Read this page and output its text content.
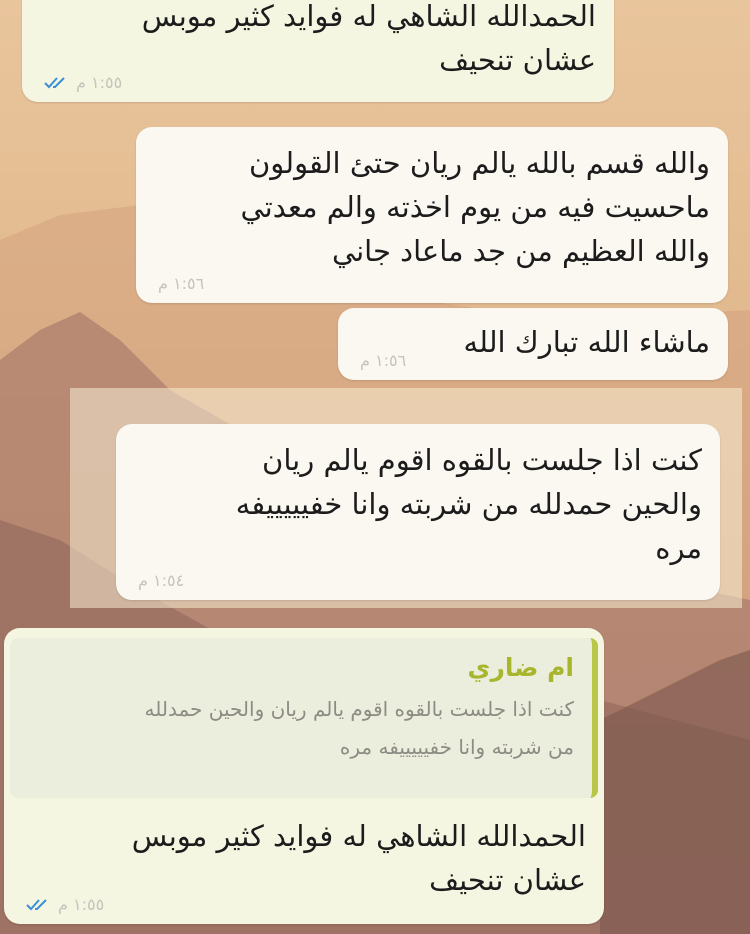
الحمدالله الشاهي له فوايد كثير موبس
عشان تنحيف
١:٥٥ م
والله قسم بالله يالم ريان حتئ القولون
ماحسيت فيه من يوم اخذته والم معدتي
والله العظيم من جد ماعاد جاني
١:٥٦ م
ماشاء الله تبارك الله
١:٥٦ م
كنت اذا جلست بالقوه اقوم يالم ريان
والحين حمدلله من شربته وانا خفيييييفه
مره
١:٥٤ م
ام ضاري
كنت اذا جلست بالقوه اقوم يالم ريان والحين حمدلله
من شربته وانا خفيييييفه مره
الحمدالله الشاهي له فوايد كثير موبس
عشان تنحيف
١:٥٥ م
